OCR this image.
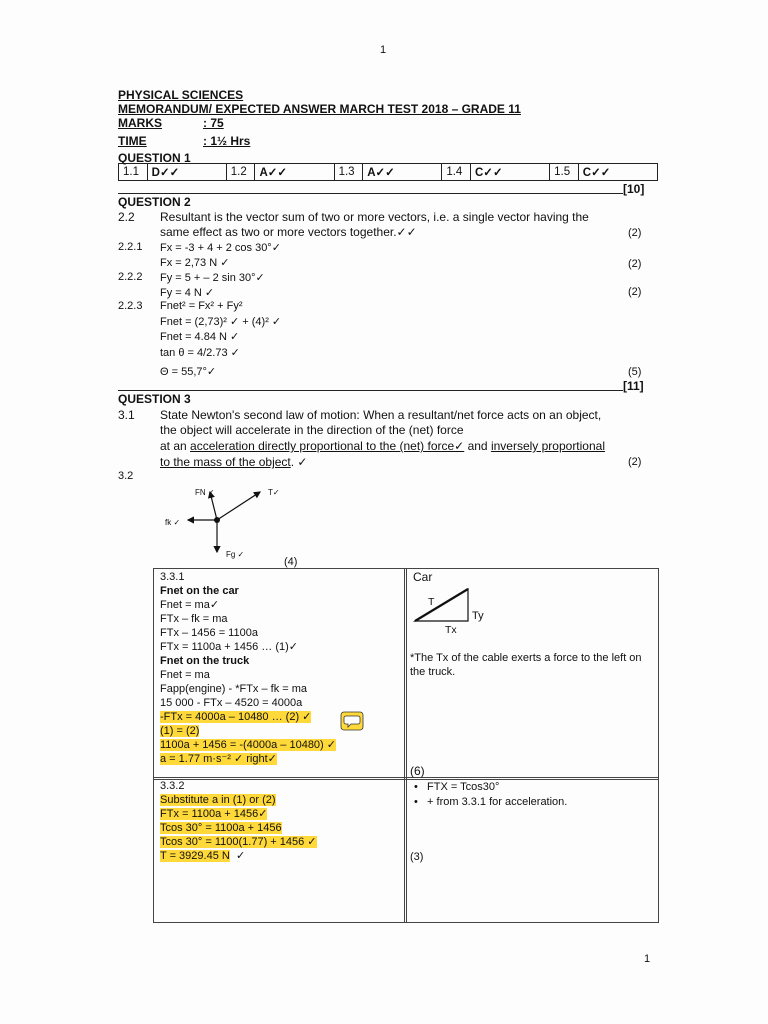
1
1
PHYSICAL SCIENCES
MEMORANDUM/ EXPECTED ANSWER MARCH TEST 2018 – GRADE 11
MARKS	: 75
TIME	: 1½ Hrs
QUESTION 1
1.1	D✓✓	1.2	A✓✓	1.3	A✓✓	1.4	C✓✓	1.5	C✓✓
[10]
QUESTION 2
2.2 Resultant is the vector sum of two or more vectors, i.e. a single vector having the
same effect as two or more vectors together.✓✓	(2)
2.2.1 Fx = -3 + 4 + 2 cos 30°✓
Fx = 2,73 N ✓	(2)
2.2.2 Fy = 5 + – 2 sin 30°✓
Fy = 4 N ✓	(2)
2.2.3 Fnet² = Fx² + Fy²
Fnet = (2,73)² ✓ + (4)² ✓
Fnet = 4.84 N ✓
tan θ = 4/2.73 ✓
Θ = 55,7°✓	(5)
[11]
QUESTION 3
3.1 State Newton's second law of motion: When a resultant/net force acts on an object,
the object will accelerate in the direction of the (net) force
at an acceleration directly proportional to the (net) force✓ and inversely proportional
to the mass of the object. ✓	(2)
3.2
FN ✓	T✓
fk ✓
Fg ✓
(4)

3.3.1

Fnet on the car

Fnet = ma✓

FTx – fk = ma

FTx – 1456 = 1100a

FTx = 1100a + 1456 … (1)✓

Fnet on the truck

Fnet = ma

Fapp(engine) - *FTx – fk = ma

15 000 - FTx – 4520 = 4000a

-FTx = 4000a – 10480 … (2) ✓

(1) = (2)

1100a + 1456 = -(4000a – 10480) ✓

a = 1.77 m·s⁻² ✓ right✓

Car
T
Ty
Tx
*The Tx of the cable exerts a force to the left on the truck.
(6)

3.3.2

Substitute a in (1) or (2)

FTx = 1100a + 1456✓

Tcos 30° = 1100a + 1456

Tcos 30° = 1100(1.77) + 1456 ✓

T = 3929.45 N ✓

•   FTX = Tcos30°
•   + from 3.3.1 for acceleration.
(3)
